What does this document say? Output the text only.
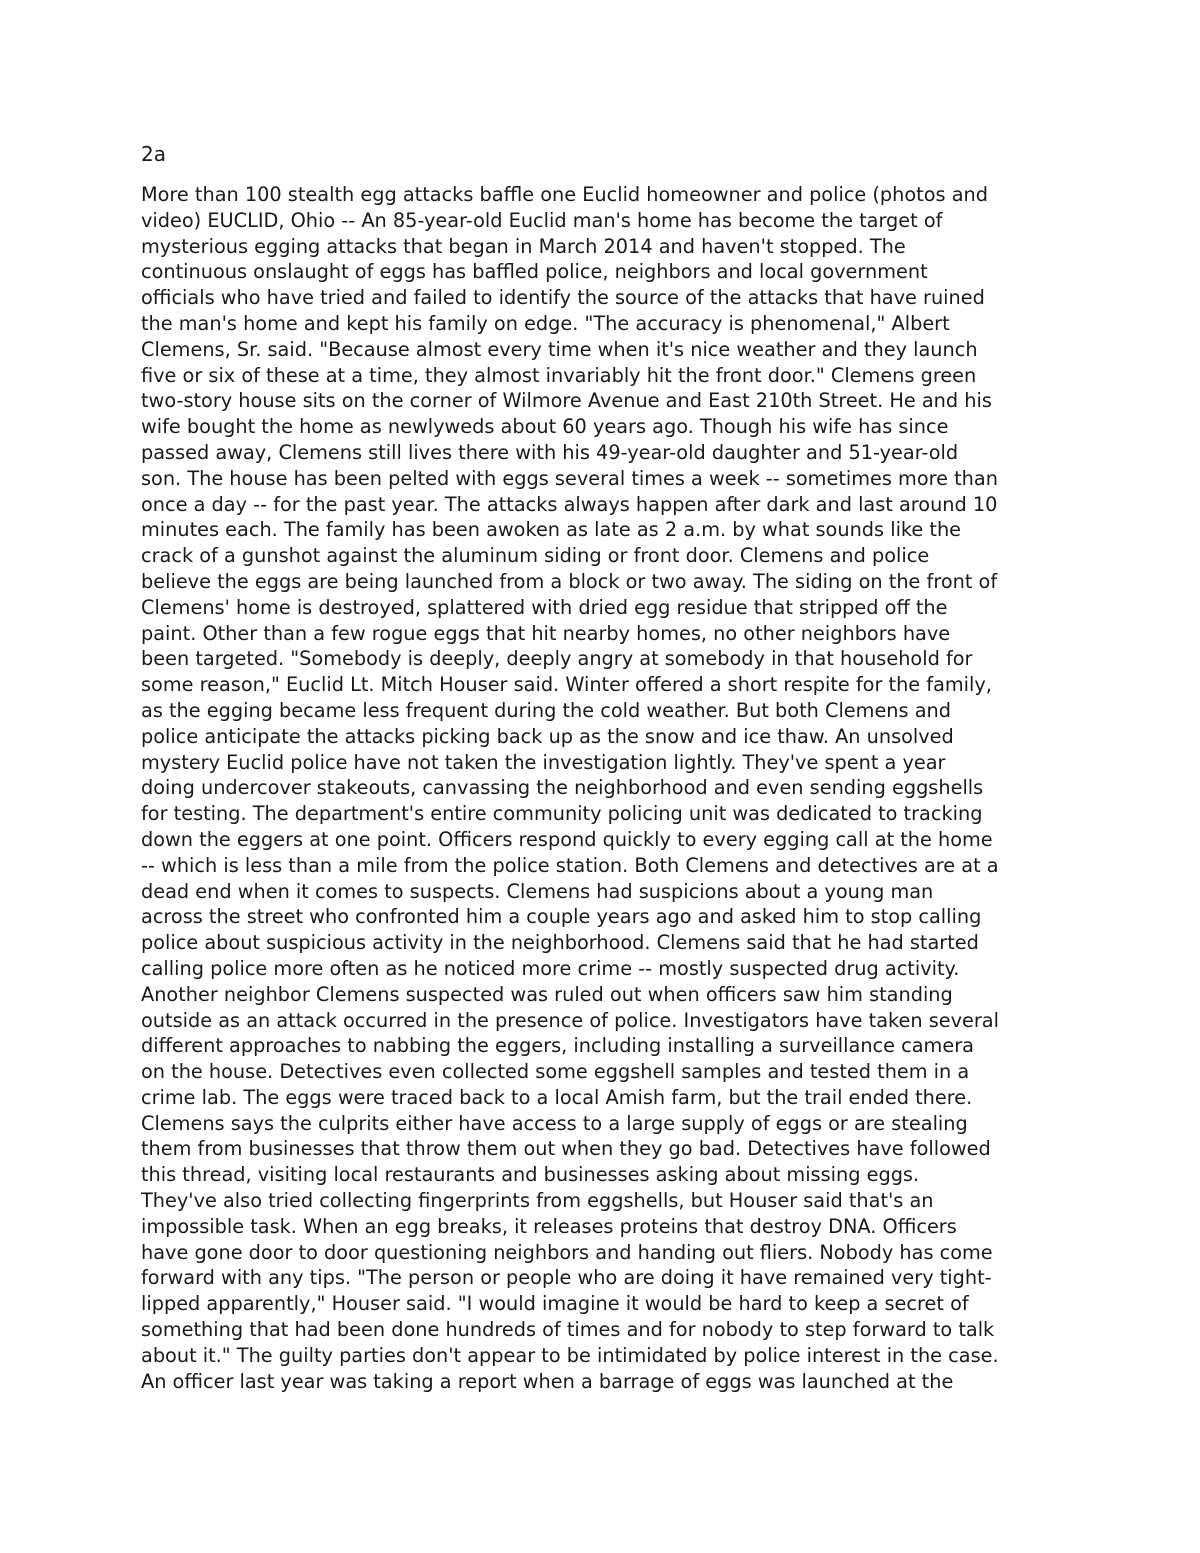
2a
More than 100 stealth egg attacks baffle one Euclid homeowner and police (photos and
video) EUCLID, Ohio -- An 85-year-old Euclid man's home has become the target of
mysterious egging attacks that began in March 2014 and haven't stopped. The
continuous onslaught of eggs has baffled police, neighbors and local government
officials who have tried and failed to identify the source of the attacks that have ruined
the man's home and kept his family on edge. "The accuracy is phenomenal," Albert
Clemens, Sr. said. "Because almost every time when it's nice weather and they launch
five or six of these at a time, they almost invariably hit the front door." Clemens green
two-story house sits on the corner of Wilmore Avenue and East 210th Street. He and his
wife bought the home as newlyweds about 60 years ago. Though his wife has since
passed away, Clemens still lives there with his 49-year-old daughter and 51-year-old
son. The house has been pelted with eggs several times a week -- sometimes more than
once a day -- for the past year. The attacks always happen after dark and last around 10
minutes each. The family has been awoken as late as 2 a.m. by what sounds like the
crack of a gunshot against the aluminum siding or front door. Clemens and police
believe the eggs are being launched from a block or two away. The siding on the front of
Clemens' home is destroyed, splattered with dried egg residue that stripped off the
paint. Other than a few rogue eggs that hit nearby homes, no other neighbors have
been targeted. "Somebody is deeply, deeply angry at somebody in that household for
some reason," Euclid Lt. Mitch Houser said. Winter offered a short respite for the family,
as the egging became less frequent during the cold weather. But both Clemens and
police anticipate the attacks picking back up as the snow and ice thaw. An unsolved
mystery Euclid police have not taken the investigation lightly. They've spent a year
doing undercover stakeouts, canvassing the neighborhood and even sending eggshells
for testing. The department's entire community policing unit was dedicated to tracking
down the eggers at one point. Officers respond quickly to every egging call at the home
-- which is less than a mile from the police station. Both Clemens and detectives are at a
dead end when it comes to suspects. Clemens had suspicions about a young man
across the street who confronted him a couple years ago and asked him to stop calling
police about suspicious activity in the neighborhood. Clemens said that he had started
calling police more often as he noticed more crime -- mostly suspected drug activity.
Another neighbor Clemens suspected was ruled out when officers saw him standing
outside as an attack occurred in the presence of police. Investigators have taken several
different approaches to nabbing the eggers, including installing a surveillance camera
on the house. Detectives even collected some eggshell samples and tested them in a
crime lab. The eggs were traced back to a local Amish farm, but the trail ended there.
Clemens says the culprits either have access to a large supply of eggs or are stealing
them from businesses that throw them out when they go bad. Detectives have followed
this thread, visiting local restaurants and businesses asking about missing eggs.
They've also tried collecting fingerprints from eggshells, but Houser said that's an
impossible task. When an egg breaks, it releases proteins that destroy DNA. Officers
have gone door to door questioning neighbors and handing out fliers. Nobody has come
forward with any tips. "The person or people who are doing it have remained very tight-
lipped apparently," Houser said. "I would imagine it would be hard to keep a secret of
something that had been done hundreds of times and for nobody to step forward to talk
about it." The guilty parties don't appear to be intimidated by police interest in the case.
An officer last year was taking a report when a barrage of eggs was launched at the
